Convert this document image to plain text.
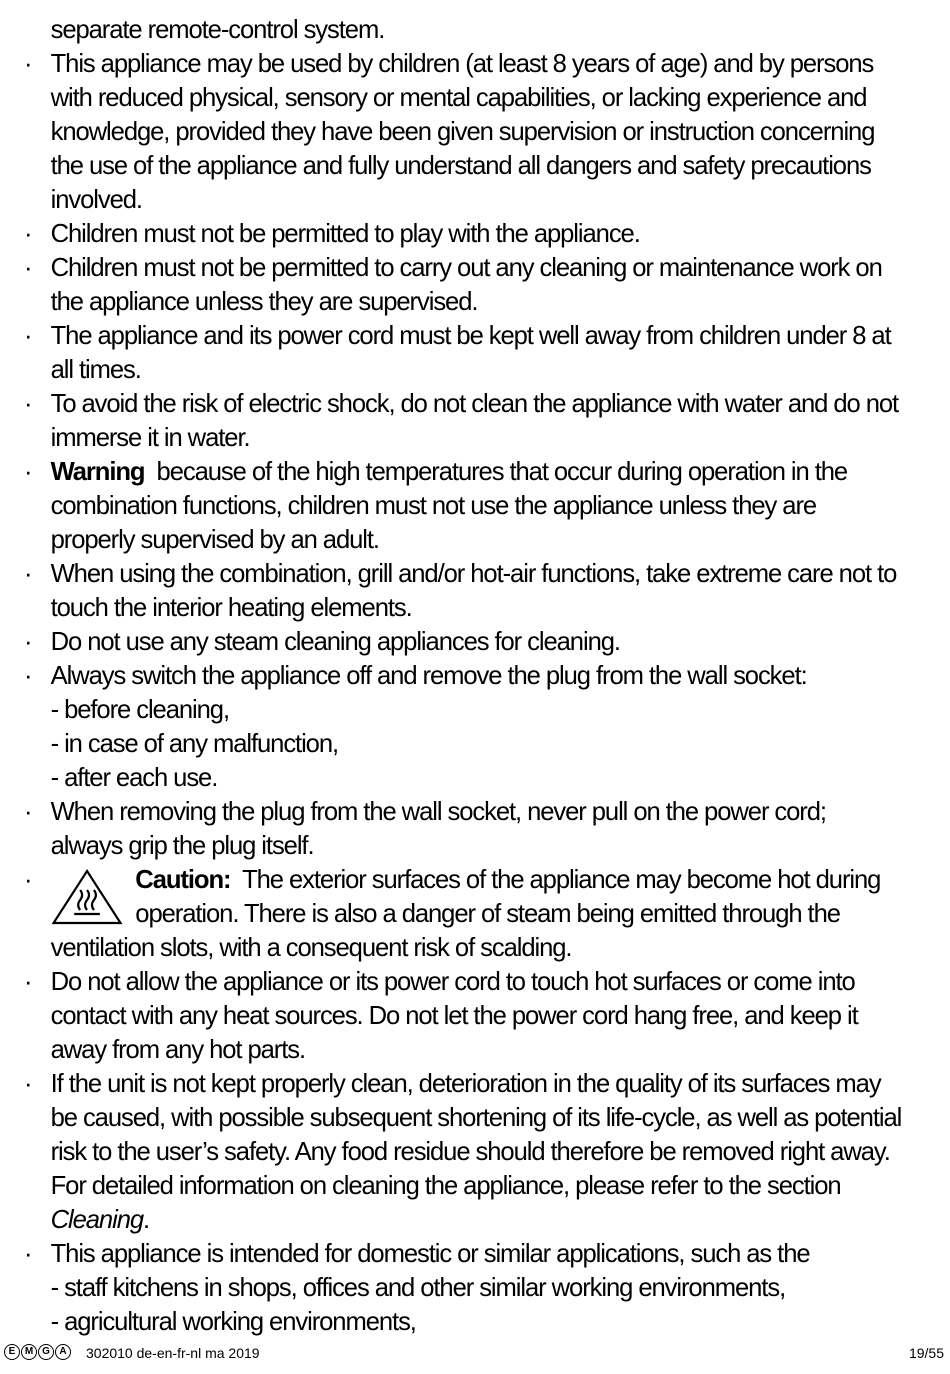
separate remote-control system.
· This appliance may be used by children (at least 8 years of age) and by persons
with reduced physical, sensory or mental capabilities, or lacking experience and
knowledge, provided they have been given supervision or instruction concerning
the use of the appliance and fully understand all dangers and safety precautions
involved.
· Children must not be permitted to play with the appliance.
· Children must not be permitted to carry out any cleaning or maintenance work on
the appliance unless they are supervised.
· The appliance and its power cord must be kept well away from children under 8 at
all times.
· To avoid the risk of electric shock, do not clean the appliance with water and do not
immerse it in water.
· Warning  because of the high temperatures that occur during operation in the
combination functions, children must not use the appliance unless they are
properly supervised by an adult.
· When using the combination, grill and/or hot-air functions, take extreme care not to
touch the interior heating elements.
· Do not use any steam cleaning appliances for cleaning.
· Always switch the appliance off and remove the plug from the wall socket:
- before cleaning,
- in case of any malfunction,
- after each use.
· When removing the plug from the wall socket, never pull on the power cord;
always grip the plug itself.
·	Caution:  The exterior surfaces of the appliance may become hot during
operation. There is also a danger of steam being emitted through the
ventilation slots, with a consequent risk of scalding.
· Do not allow the appliance or its power cord to touch hot surfaces or come into
contact with any heat sources. Do not let the power cord hang free, and keep it
away from any hot parts.
· If the unit is not kept properly clean, deterioration in the quality of its surfaces may
be caused, with possible subsequent shortening of its life-cycle, as well as potential
risk to the user’s safety. Any food residue should therefore be removed right away.
For detailed information on cleaning the appliance, please refer to the section
Cleaning.
· This appliance is intended for domestic or similar applications, such as the
- staff kitchens in shops, offices and other similar working environments,
- agricultural working environments,
E M G A	302010 de-en-fr-nl ma 2019	19/55
